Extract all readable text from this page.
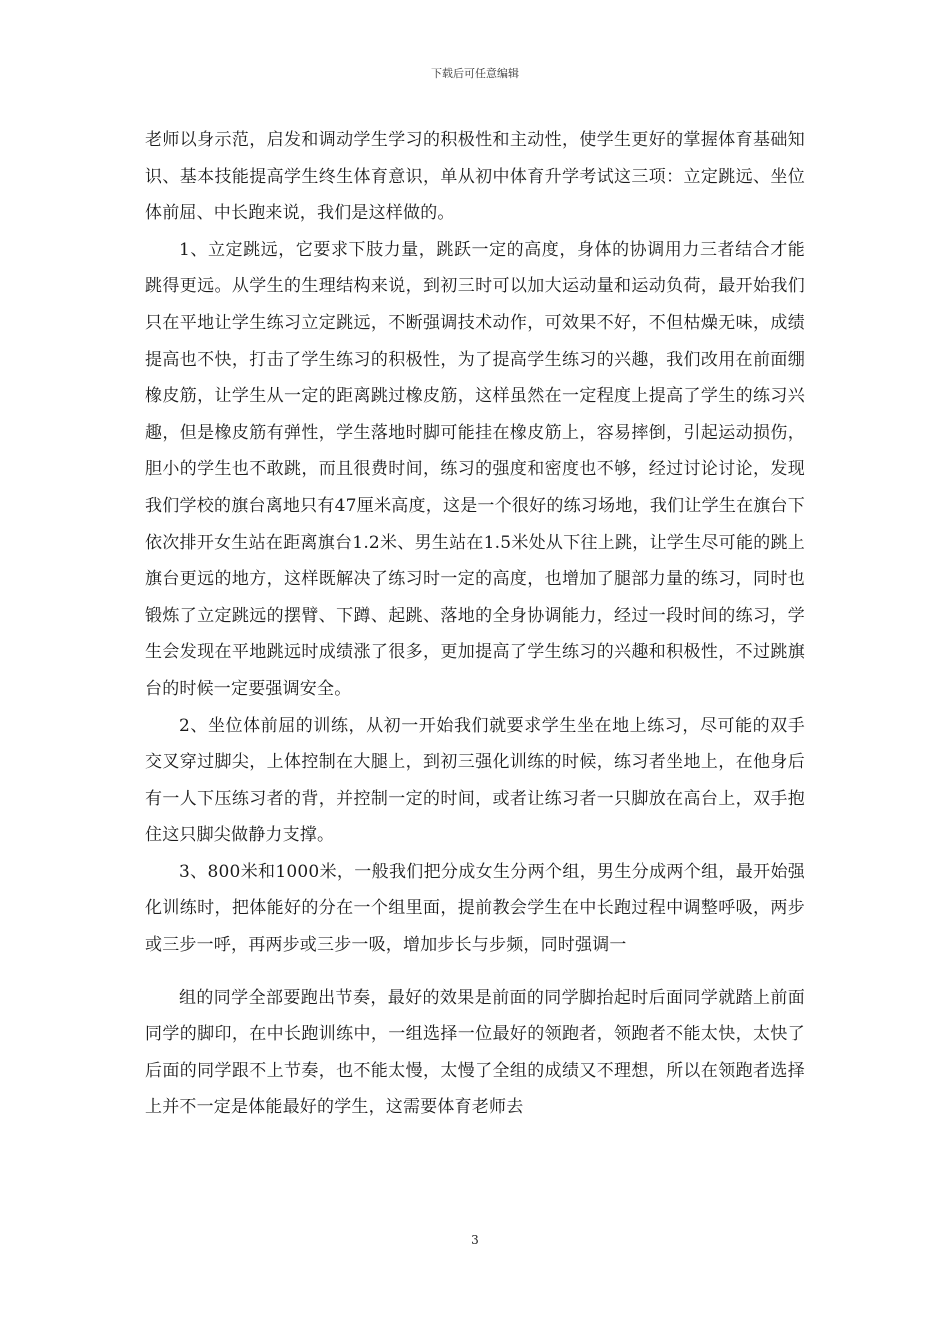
下载后可任意编辑

老师以身示范，启发和调动学生学习的积极性和主动性，使学生更好的掌握体育基础知识、基本技能提高学生终生体育意识，单从初中体育升学考试这三项：立定跳远、坐位体前屈、中长跑来说，我们是这样做的。

1、立定跳远，它要求下肢力量，跳跃一定的高度，身体的协调用力三者结合才能跳得更远。从学生的生理结构来说，到初三时可以加大运动量和运动负荷，最开始我们只在平地让学生练习立定跳远，不断强调技术动作，可效果不好，不但枯燥无味，成绩提高也不快，打击了学生练习的积极性，为了提高学生练习的兴趣，我们改用在前面绷橡皮筋，让学生从一定的距离跳过橡皮筋，这样虽然在一定程度上提高了学生的练习兴趣，但是橡皮筋有弹性，学生落地时脚可能挂在橡皮筋上，容易摔倒，引起运动损伤，胆小的学生也不敢跳，而且很费时间，练习的强度和密度也不够，经过讨论讨论，发现我们学校的旗台离地只有47厘米高度，这是一个很好的练习场地，我们让学生在旗台下依次排开女生站在距离旗台1.2米、男生站在1.5米处从下往上跳，让学生尽可能的跳上旗台更远的地方，这样既解决了练习时一定的高度，也增加了腿部力量的练习，同时也锻炼了立定跳远的摆臂、下蹲、起跳、落地的全身协调能力，经过一段时间的练习，学生会发现在平地跳远时成绩涨了很多，更加提高了学生练习的兴趣和积极性，不过跳旗台的时候一定要强调安全。

2、坐位体前屈的训练，从初一开始我们就要求学生坐在地上练习，尽可能的双手交叉穿过脚尖，上体控制在大腿上，到初三强化训练的时候，练习者坐地上，在他身后有一人下压练习者的背，并控制一定的时间，或者让练习者一只脚放在高台上，双手抱住这只脚尖做静力支撑。

3、800米和1000米，一般我们把分成女生分两个组，男生分成两个组，最开始强化训练时，把体能好的分在一个组里面，提前教会学生在中长跑过程中调整呼吸，两步或三步一呼，再两步或三步一吸，增加步长与步频，同时强调一

组的同学全部要跑出节奏，最好的效果是前面的同学脚抬起时后面同学就踏上前面同学的脚印，在中长跑训练中，一组选择一位最好的领跑者，领跑者不能太快，太快了后面的同学跟不上节奏，也不能太慢，太慢了全组的成绩又不理想，所以在领跑者选择上并不一定是体能最好的学生，这需要体育老师去

3
